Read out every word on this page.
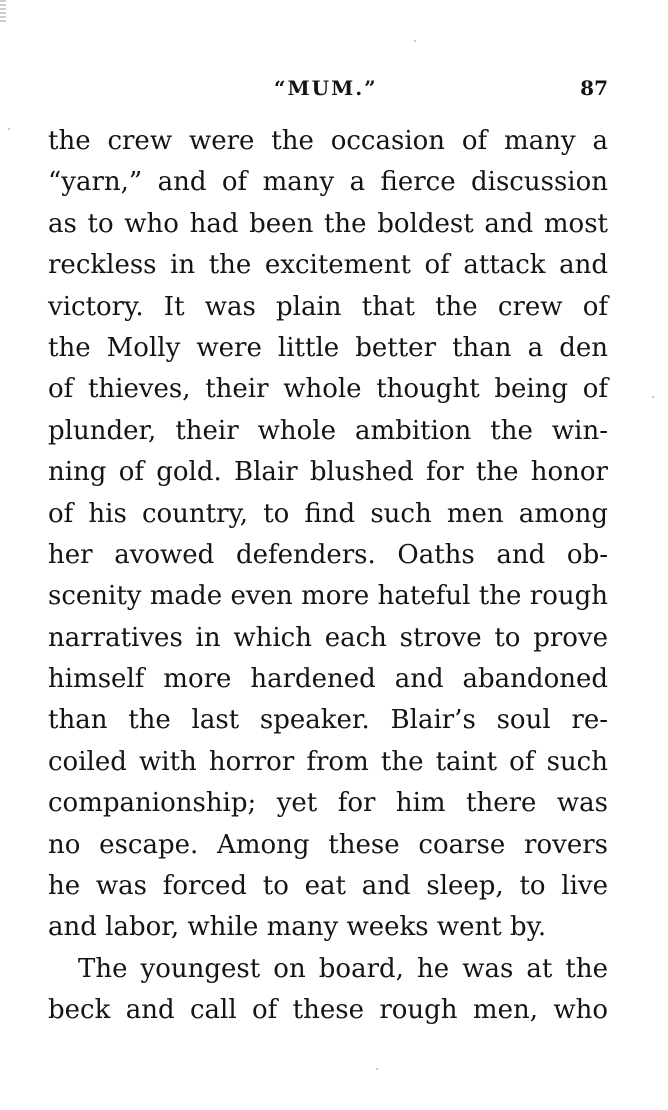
“MUM.”	87
the crew were the occasion of many a
“yarn,” and of many a fierce discussion
as to who had been the boldest and most
reckless in the excitement of attack and
victory. It was plain that the crew of
the Molly were little better than a den
of thieves, their whole thought being of
plunder, their whole ambition the win-
ning of gold. Blair blushed for the honor
of his country, to find such men among
her avowed defenders. Oaths and ob-
scenity made even more hateful the rough
narratives in which each strove to prove
himself more hardened and abandoned
than the last speaker. Blair’s soul re-
coiled with horror from the taint of such
companionship; yet for him there was
no escape. Among these coarse rovers
he was forced to eat and sleep, to live
and labor, while many weeks went by.
The youngest on board, he was at the
beck and call of these rough men, who
